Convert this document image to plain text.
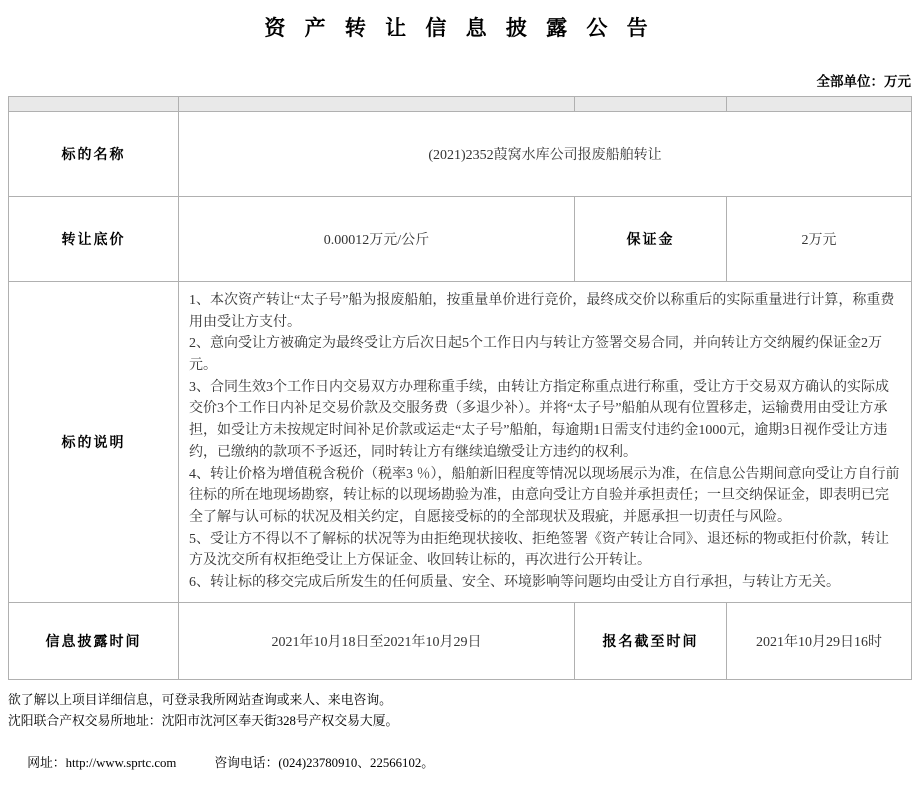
资 产 转 让 信 息 披 露 公 告
全部单位：万元

标的名称	(2021)2352葭窝水库公司报废船舶转让		
转让底价	0.00012万元/公斤	保证金	2万元
标的说明	

1、本次资产转让“太子号”船为报废船舶，按重量单价进行竞价，最终成交价以称重后的实际重量进行计算，称重费用由受让方支付。

2、意向受让方被确定为最终受让方后次日起5个工作日内与转让方签署交易合同，并向转让方交纳履约保证金2万元。

3、合同生效3个工作日内交易双方办理称重手续，由转让方指定称重点进行称重，受让方于交易双方确认的实际成交价3个工作日内补足交易价款及交服务费（多退少补）。并将“太子号”船舶从现有位置移走，运输费用由受让方承担，如受让方未按规定时间补足价款或运走“太子号”船舶，每逾期1日需支付违约金1000元，逾期3日视作受让方违约，已缴纳的款项不予返还，同时转让方有继续追缴受让方违约的权利。

4、转让价格为增值税含税价（税率3 ％），船舶新旧程度等情况以现场展示为准，在信息公告期间意向受让方自行前往标的所在地现场勘察，转让标的以现场勘验为准，由意向受让方自验并承担责任；一旦交纳保证金，即表明已完全了解与认可标的状况及相关约定，自愿接受标的的全部现状及瑕疵，并愿承担一切责任与风险。

5、受让方不得以不了解标的状况等为由拒绝现状接收、拒绝签署《资产转让合同》、退还标的物或拒付价款，转让方及沈交所有权拒绝受让上方保证金、收回转让标的，再次进行公开转让。

6、转让标的移交完成后所发生的任何质量、安全、环境影响等问题均由受让方自行承担，与转让方无关。

信息披露时间	2021年10月18日至2021年10月29日	报名截至时间	2021年10月29日16时
欲了解以上项目详细信息，可登录我所网站查询或来人、来电咨询。
沈阳联合产权交易所地址：沈阳市沈河区奉天街328号产权交易大厦。

网址：http://www.sprtc.com	咨询电话：(024)23780910、22566102。
